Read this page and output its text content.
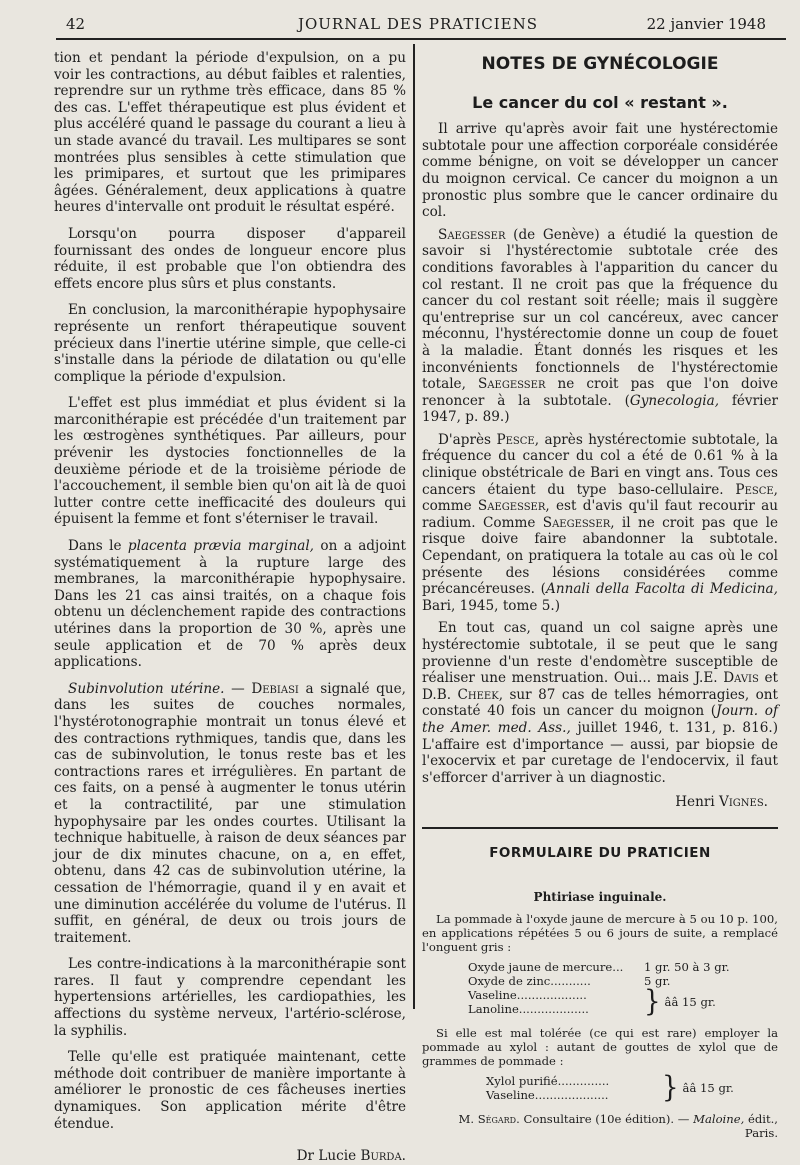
42	JOURNAL DES PRATICIENS	22 janvier 1948

tion et pendant la période d'expulsion, on a pu voir les contractions, au début faibles et ralenties, reprendre sur un rythme très efficace, dans 85 % des cas. L'effet thérapeutique est plus évident et plus accéléré quand le passage du courant a lieu à un stade avancé du travail. Les multipares se sont montrées plus sensibles à cette stimulation que les primipares, et surtout que les primipares âgées. Généralement, deux applications à quatre heures d'intervalle ont produit le résultat espéré.

Lorsqu'on pourra disposer d'appareil fournissant des ondes de longueur encore plus réduite, il est probable que l'on obtiendra des effets encore plus sûrs et plus constants.

En conclusion, la marconithérapie hypophysaire représente un renfort thérapeutique souvent précieux dans l'inertie utérine simple, que celle-ci s'installe dans la période de dilatation ou qu'elle complique la période d'expulsion.

L'effet est plus immédiat et plus évident si la marconithérapie est précédée d'un traitement par les œstrogènes synthétiques. Par ailleurs, pour prévenir les dystocies fonctionnelles de la deuxième période et de la troisième période de l'accouchement, il semble bien qu'on ait là de quoi lutter contre cette inefficacité des douleurs qui épuisent la femme et font s'éterniser le travail.

Dans le placenta prævia marginal, on a adjoint systématiquement à la rupture large des membranes, la marconithérapie hypophysaire. Dans les 21 cas ainsi traités, on a chaque fois obtenu un déclenchement rapide des contractions utérines dans la proportion de 30 %, après une seule application et de 70 % après deux applications.

Subinvolution utérine. — Debiasi a signalé que, dans les suites de couches normales, l'hystérotonographie montrait un tonus élevé et des contractions rythmiques, tandis que, dans les cas de subinvolution, le tonus reste bas et les contractions rares et irrégulières. En partant de ces faits, on a pensé à augmenter le tonus utérin et la contractilité, par une stimulation hypophysaire par les ondes courtes. Utilisant la technique habituelle, à raison de deux séances par jour de dix minutes chacune, on a, en effet, obtenu, dans 42 cas de subinvolution utérine, la cessation de l'hémorragie, quand il y en avait et une diminution accélérée du volume de l'utérus. Il suffit, en général, de deux ou trois jours de traitement.

Les contre-indications à la marconithérapie sont rares. Il faut y comprendre cependant les hypertensions artérielles, les cardiopathies, les affections du système nerveux, l'artério-sclérose, la syphilis.

Telle qu'elle est pratiquée maintenant, cette méthode doit contribuer de manière importante à améliorer le pronostic de ces fâcheuses inerties dynamiques. Son application mérite d'être étendue.

Dr Lucie Burda.
NOTES DE GYNÉCOLOGIE
Le cancer du col « restant ».

Il arrive qu'après avoir fait une hystérectomie subtotale pour une affection corporéale considérée comme bénigne, on voit se développer un cancer du moignon cervical. Ce cancer du moignon a un pronostic plus sombre que le cancer ordinaire du col.

Saegesser (de Genève) a étudié la question de savoir si l'hystérectomie subtotale crée des conditions favorables à l'apparition du cancer du col restant. Il ne croit pas que la fréquence du cancer du col restant soit réelle; mais il suggère qu'entreprise sur un col cancéreux, avec cancer méconnu, l'hystérectomie donne un coup de fouet à la maladie. Étant donnés les risques et les inconvénients fonctionnels de l'hystérectomie totale, Saegesser ne croit pas que l'on doive renoncer à la subtotale. (Gynecologia, février 1947, p. 89.)

D'après Pesce, après hystérectomie subtotale, la fréquence du cancer du col a été de 0.61 % à la clinique obstétricale de Bari en vingt ans. Tous ces cancers étaient du type baso-cellulaire. Pesce, comme Saegesser, est d'avis qu'il faut recourir au radium. Comme Saegesser, il ne croit pas que le risque doive faire abandonner la subtotale. Cependant, on pratiquera la totale au cas où le col présente des lésions considérées comme précancéreuses. (Annali della Facolta di Medicina, Bari, 1945, tome 5.)

En tout cas, quand un col saigne après une hystérectomie subtotale, il se peut que le sang provienne d'un reste d'endomètre susceptible de réaliser une menstruation. Oui... mais J.E. Davis et D.B. Cheek, sur 87 cas de telles hémorragies, ont constaté 40 fois un cancer du moignon (Journ. of the Amer. med. Ass., juillet 1946, t. 131, p. 816.) L'affaire est d'importance — aussi, par biopsie de l'exocervix et par curetage de l'endocervix, il faut s'efforcer d'arriver à un diagnostic.

Henri Vignes.

FORMULAIRE DU PRATICIEN
Phtiriase inguinale.

La pommade à l'oxyde jaune de mercure à 5 ou 10 p. 100, en applications répétées 5 ou 6 jours de suite, a remplacé l'onguent gris :

Oxyde jaune de mercure...	1 gr. 50 à 3 gr.
Oxyde de zinc...........	5 gr.
Vaseline...................
Lanoline...................	} ââ 15 gr.

Si elle est mal tolérée (ce qui est rare) employer la pommade au xylol : autant de gouttes de xylol que de grammes de pommade :

Xylol purifié..............
Vaseline....................	} ââ 15 gr.

M. Ségard. Consultaire (10e édition). — Maloine, édit., Paris.
